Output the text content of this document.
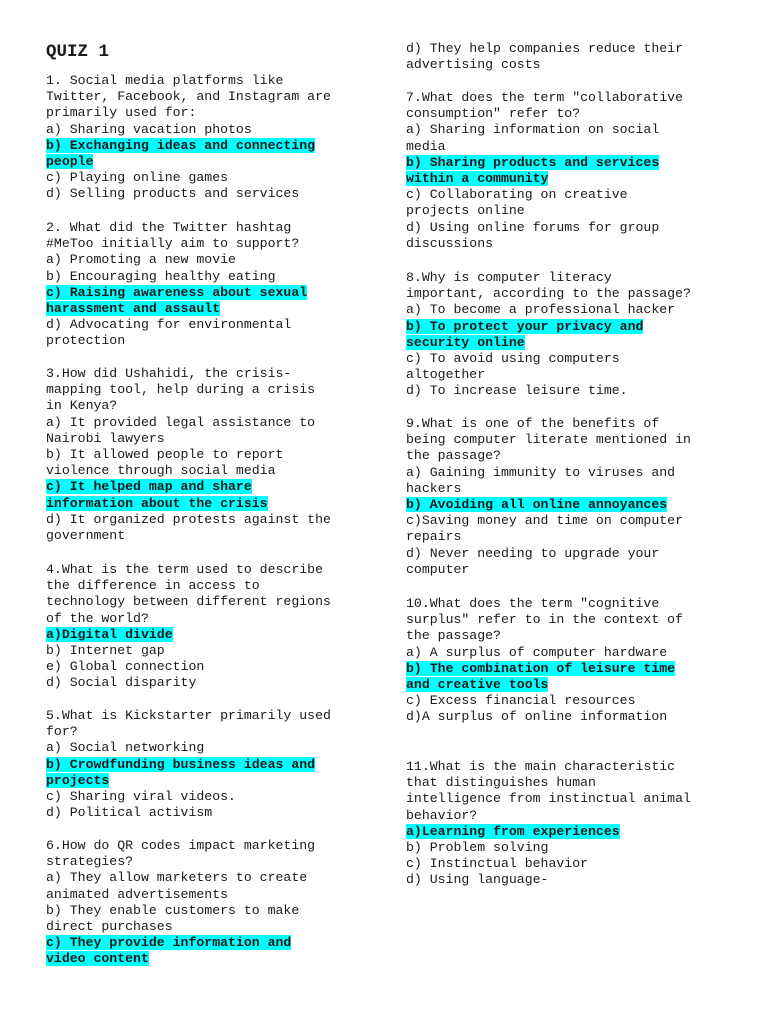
QUIZ 1
1. Social media platforms like
Twitter, Facebook, and Instagram are
primarily used for:
a) Sharing vacation photos
b) Exchanging ideas and connecting
people
c) Playing online games
d) Selling products and services
2. What did the Twitter hashtag
#MeToo initially aim to support?
a) Promoting a new movie
b) Encouraging healthy eating
c) Raising awareness about sexual
harassment and assault
d) Advocating for environmental
protection
3.How did Ushahidi, the crisis-
mapping tool, help during a crisis
in Kenya?
a) It provided legal assistance to
Nairobi lawyers
b) It allowed people to report
violence through social media
c) It helped map and share
information about the crisis
d) It organized protests against the
government
4.What is the term used to describe
the difference in access to
technology between different regions
of the world?
a)Digital divide
b) Internet gap
e) Global connection
d) Social disparity
5.What is Kickstarter primarily used
for?
a) Social networking
b) Crowdfunding business ideas and
projects
c) Sharing viral videos.
d) Political activism
6.How do QR codes impact marketing
strategies?
a) They allow marketers to create
animated advertisements
b) They enable customers to make
direct purchases
c) They provide information and
video content
d) They help companies reduce their
advertising costs
7.What does the term "collaborative
consumption" refer to?
a) Sharing information on social
media
b) Sharing products and services
within a community
c) Collaborating on creative
projects online
d) Using online forums for group
discussions
8.Why is computer literacy
important, according to the passage?
a) To become a professional hacker
b) To protect your privacy and
security online
c) To avoid using computers
altogether
d) To increase leisure time.
9.What is one of the benefits of
being computer literate mentioned in
the passage?
a) Gaining immunity to viruses and
hackers
b) Avoiding all online annoyances
c)Saving money and time on computer
repairs
d) Never needing to upgrade your
computer
10.What does the term "cognitive
surplus" refer to in the context of
the passage?
a) A surplus of computer hardware
b) The combination of leisure time
and creative tools
c) Excess financial resources
d)A surplus of online information
11.What is the main characteristic
that distinguishes human
intelligence from instinctual animal
behavior?
a)Learning from experiences
b) Problem solving
c) Instinctual behavior
d) Using language-
